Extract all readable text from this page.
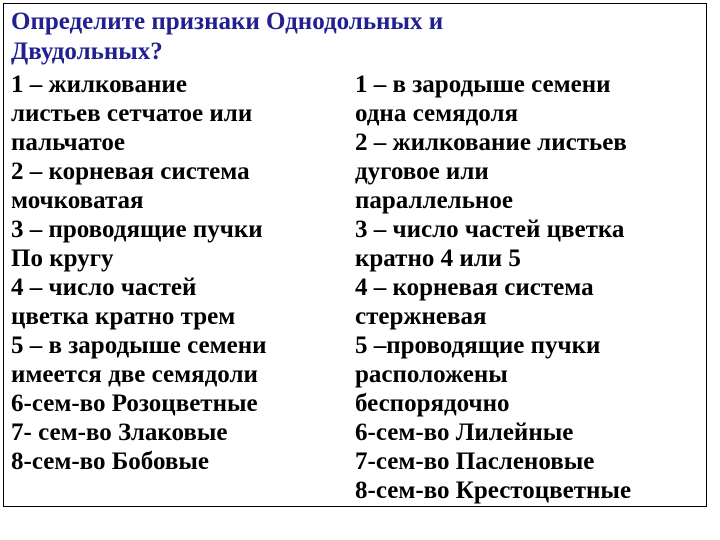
Определите признаки Однодольных и
Двудольных?
1 – жилкование
листьев сетчатое или
пальчатое
2 – корневая система
мочковатая
3 – проводящие пучки
По кругу
4 – число частей
цветка кратно трем
5 – в зародыше семени
имеется две семядоли
6-сем-во Розоцветные
7- сем-во Злаковые
8-сем-во Бобовые
1 – в зародыше семени
одна семядоля
2 – жилкование листьев
дуговое или
параллельное
3 – число частей цветка
кратно 4 или 5
4 – корневая система
стержневая
5 –проводящие пучки
расположены
беспорядочно
6-сем-во Лилейные
7-сем-во Пасленовые
8-сем-во Крестоцветные
